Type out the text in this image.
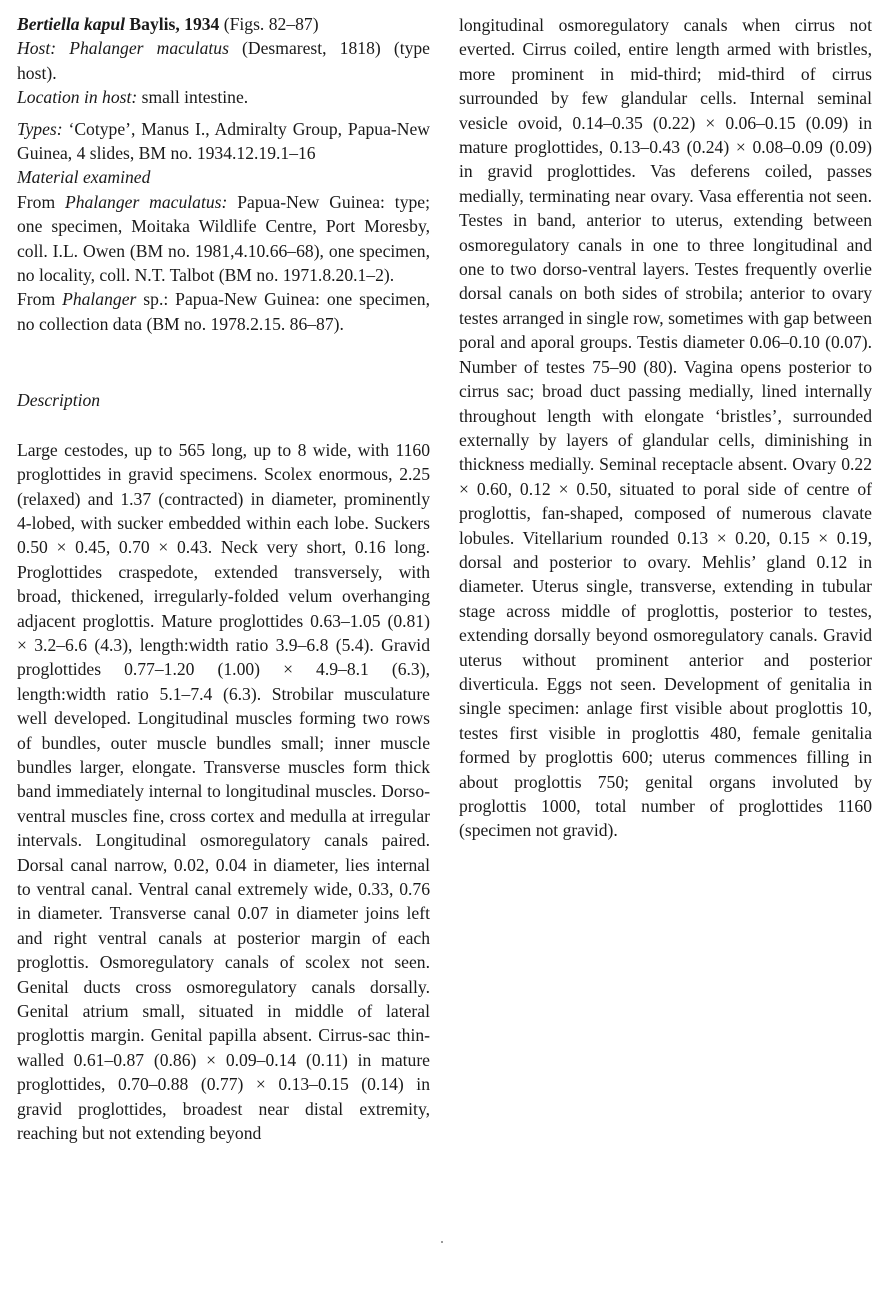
Bertiella kapul Baylis, 1934 (Figs. 82–87)

Host: Phalanger maculatus (Desmarest, 1818) (type host).

Location in host: small intestine.

Types: ‘Cotype’, Manus I., Admiralty Group, Papua-New Guinea, 4 slides, BM no. 1934.12.19.1–16

Material examined

From Phalanger maculatus: Papua-New Guinea: type; one specimen, Moitaka Wildlife Centre, Port Moresby, coll. I.L. Owen (BM no. 1981,4.10.66–68), one specimen, no locality, coll. N.T. Talbot (BM no. 1971.8.20.1–2).

From Phalanger sp.: Papua-New Guinea: one specimen, no collection data (BM no. 1978.2.15. 86–87).

Description

Large cestodes, up to 565 long, up to 8 wide, with 1160 proglottides in gravid specimens. Scolex enormous, 2.25 (relaxed) and 1.37 (contracted) in diameter, prominently 4-lobed, with sucker embedded within each lobe. Suckers 0.50 × 0.45, 0.70 × 0.43. Neck very short, 0.16 long. Proglottides craspedote, extended transversely, with broad, thickened, irregularly-folded velum overhanging adjacent proglottis. Mature proglottides 0.63–1.05 (0.81) × 3.2–6.6 (4.3), length:width ratio 3.9–6.8 (5.4). Gravid proglottides 0.77–1.20 (1.00) × 4.9–8.1 (6.3), length:width ratio 5.1–7.4 (6.3). Strobilar musculature well developed. Longitudinal muscles forming two rows of bundles, outer muscle bundles small; inner muscle bundles larger, elongate. Transverse muscles form thick band immediately internal to longitudinal muscles. Dorso-ventral muscles fine, cross cortex and medulla at irregular intervals. Longitudinal osmoregulatory canals paired. Dorsal canal narrow, 0.02, 0.04 in diameter, lies internal to ventral canal. Ventral canal extremely wide, 0.33, 0.76 in diameter. Transverse canal 0.07 in diameter joins left and right ventral canals at posterior margin of each proglottis. Osmoregulatory canals of scolex not seen. Genital ducts cross osmoregulatory canals dorsally. Genital atrium small, situated in middle of lateral proglottis margin. Genital papilla absent. Cirrus-sac thin-walled 0.61–0.87 (0.86) × 0.09–0.14 (0.11) in mature proglottides, 0.70–0.88 (0.77) × 0.13–0.15 (0.14) in gravid proglottides, broadest near distal extremity, reaching but not extending beyond

longitudinal osmoregulatory canals when cirrus not everted. Cirrus coiled, entire length armed with bristles, more prominent in mid-third; mid-third of cirrus surrounded by few glandular cells. Internal seminal vesicle ovoid, 0.14–0.35 (0.22) × 0.06–0.15 (0.09) in mature proglottides, 0.13–0.43 (0.24) × 0.08–0.09 (0.09) in gravid proglottides. Vas deferens coiled, passes medially, terminating near ovary. Vasa efferentia not seen. Testes in band, anterior to uterus, extending between osmoregulatory canals in one to three longitudinal and one to two dorso-ventral layers. Testes frequently overlie dorsal canals on both sides of strobila; anterior to ovary testes arranged in single row, sometimes with gap between poral and aporal groups. Testis diameter 0.06–0.10 (0.07). Number of testes 75–90 (80). Vagina opens posterior to cirrus sac; broad duct passing medially, lined internally throughout length with elongate ‘bristles’, surrounded externally by layers of glandular cells, diminishing in thickness medially. Seminal receptacle absent. Ovary 0.22 × 0.60, 0.12 × 0.50, situated to poral side of centre of proglottis, fan-shaped, composed of numerous clavate lobules. Vitellarium rounded 0.13 × 0.20, 0.15 × 0.19, dorsal and posterior to ovary. Mehlis’ gland 0.12 in diameter. Uterus single, transverse, extending in tubular stage across middle of proglottis, posterior to testes, extending dorsally beyond osmoregulatory canals. Gravid uterus without prominent anterior and posterior diverticula. Eggs not seen. Development of genitalia in single specimen: anlage first visible about proglottis 10, testes first visible in proglottis 480, female genitalia formed by proglottis 600; uterus commences filling in about proglottis 750; genital organs involuted by proglottis 1000, total number of proglottides 1160 (specimen not gravid).
